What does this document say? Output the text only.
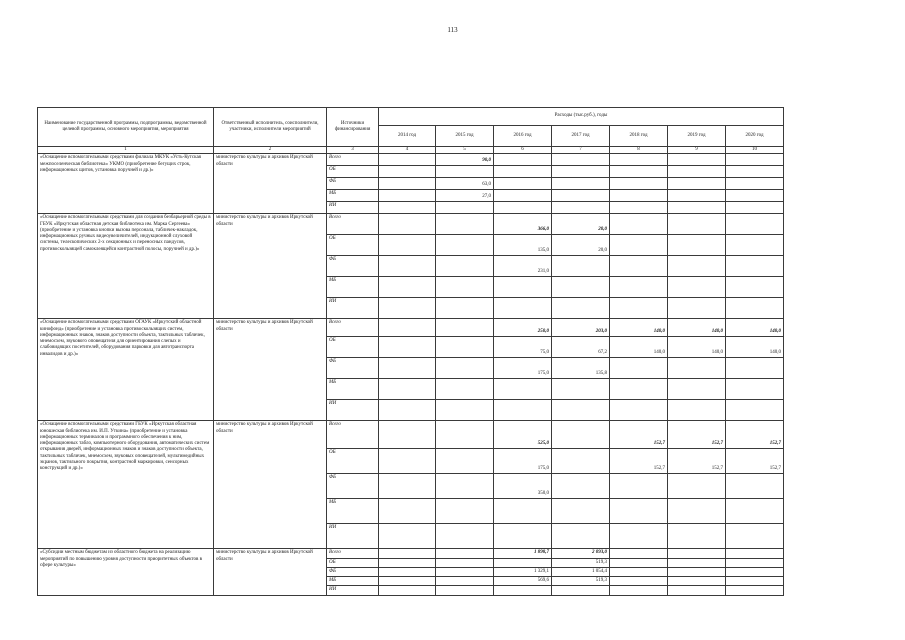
113
Наименование государственной программы, подпрограммы, ведомственной целевой программы, основного мероприятия, мероприятия	Ответственный исполнитель, соисполнители, участники, исполнители мероприятий	Источники финансирования	Расходы (тыс.руб.), годы						
			2014 год	2015 год	2016 год	2017 год	2018 год	2019 год	2020 год
1	2	3	4	5	6	7	8	9	10
«Оснащение вспомогательными средствами филиала МКУК «Усть-Кутская межпоселенческая библиотека» УКМО (приобретение бегущих строк, информационных щитов, установка поручней и др.)»	министерство культуры и архивов Иркутской области	Всего		90,0					
		ОБ							
		ФБ		63,0					
		МБ		27,0					
		ИИ							
«Оснащение вспомогательными средствами для создания безбарьерной среды в ГБУК «Иркутская областная детская библиотека им. Марка Сергеева» (приобретение и установка кнопки вызова персонала, табличек-накладок, информационных ручных видеоувеличителей, индукционной слуховой системы, телескопических 2-х секционных и переносных пандусов, противоскользящей самоклеящейся контрастной полосы, поручней и др.)»	министерство культуры и архивов Иркутской области	Всего			366,0	20,0			
		ОБ			135,0	20,0			
		ФБ			231,0				
		МБ							
		ИИ							
«Оснащение вспомогательными средствами ОГАУК «Иркутский областной кинофонд» (приобретение и установка противоскользящих систем, информационных знаков, знаков доступности объекта, тактильных табличек, мнемосхем, звукового оповещателя для ориентирования слепых и слабовидящих посетителей, оборудования парковки для автотранспорта инвалидов и др.)»	министерство культуры и архивов Иркутской области	Всего			250,0	203,0	140,0	140,0	140,0
		ОБ			75,0	67,2	140,0	140,0	140,0
		ФБ			175,0	135,8			
		МБ							
		ИИ							
«Оснащение вспомогательными средствами ГБУК «Иркутская областная юношеская библиотека им. И.П. Уткина» (приобретение и установка информационных терминалов и программного обеспечения к ним, информационных табло, компьютерного оборудования, автоматических систем открывания дверей, информационных знаков и знаков доступности объекта, тактильных табличек, мнемосхем, звуковых оповещателей, мультимедийных экранов, тактильного покрытия, контрастной маркировки, сенсорных конструкций и др.)»	министерство культуры и архивов Иркутской области	Всего			525,0		152,7	152,7	152,7
		ОБ			175,0		152,7	152,7	152,7
		ФБ			350,0				
		МБ							
		ИИ							
«Субсидии местным бюджетам из областного бюджета на реализацию мероприятий по повышению уровня доступности приоритетных объектов в сфере культуры»	министерство культуры и архивов Иркутской области	Всего			1 898,7	2 093,0			
		ОБ				519,3			
		ФБ			1 329,1	1 054,4			
		МБ			569,6	519,3			
		ИИ							
